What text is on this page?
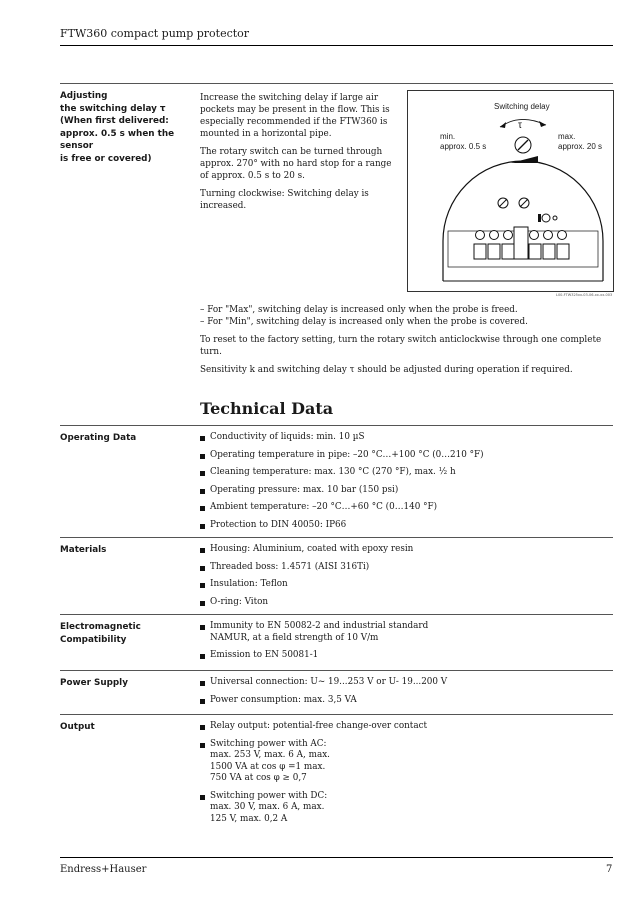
FTW360 compact pump protector
Adjusting
the switching delay τ
(When first delivered:
approx. 0.5 s when the sensor
is free or covered)

Increase the switching delay if large air pockets may be present in the flow. This is especially recommended if the FTW360 is mounted in a horizontal pipe.

The rotary switch can be turned through approx. 270° with no hard stop for a range of approx. 0.5 s to 20 s.

Turning clockwise: Switching delay is increased.

Switching delay
τ
min.
approx. 0.5 s
max.
approx. 20 s
L00-FTW325xx-03-06-xx-xx-003
– For "Max", switching delay is increased only when the probe is freed.
– For "Min", switching delay is increased only when the probe is covered.

To reset to the factory setting, turn the rotary switch anticlockwise through one complete turn.

Sensitivity k and switching delay τ should be adjusted during operation if required.

Technical Data
Operating Data	Conductivity of liquids: min. 10 µS
Operating temperature in pipe: –20 °C…+100 °C (0…210 °F)
Cleaning temperature: max. 130 °C (270 °F), max. ½ h
Operating pressure: max. 10 bar (150 psi)
Ambient temperature: –20 °C…+60 °C (0…140 °F)
Protection to DIN 40050: IP66
Materials	Housing: Aluminium, coated with epoxy resin
Threaded boss: 1.4571 (AISI 316Ti)
Insulation: Teflon
O-ring: Viton
Electromagnetic Compatibility
Immunity to EN 50082-2 and industrial standard NAMUR, at a field strength of 10 V/m
Emission to EN 50081-1
Power Supply	Universal connection: U~ 19...253 V or U- 19...200 V
Power consumption: max. 3,5 VA
Output	Relay output: potential-free change-over contact
Switching power with AC: max. 253 V, max. 6 A, max. 1500 VA at cos φ =1 max. 750 VA at cos φ ≥ 0,7
Switching power with DC: max. 30 V, max. 6 A, max. 125 V, max. 0,2 A
Endress+Hauser	7
